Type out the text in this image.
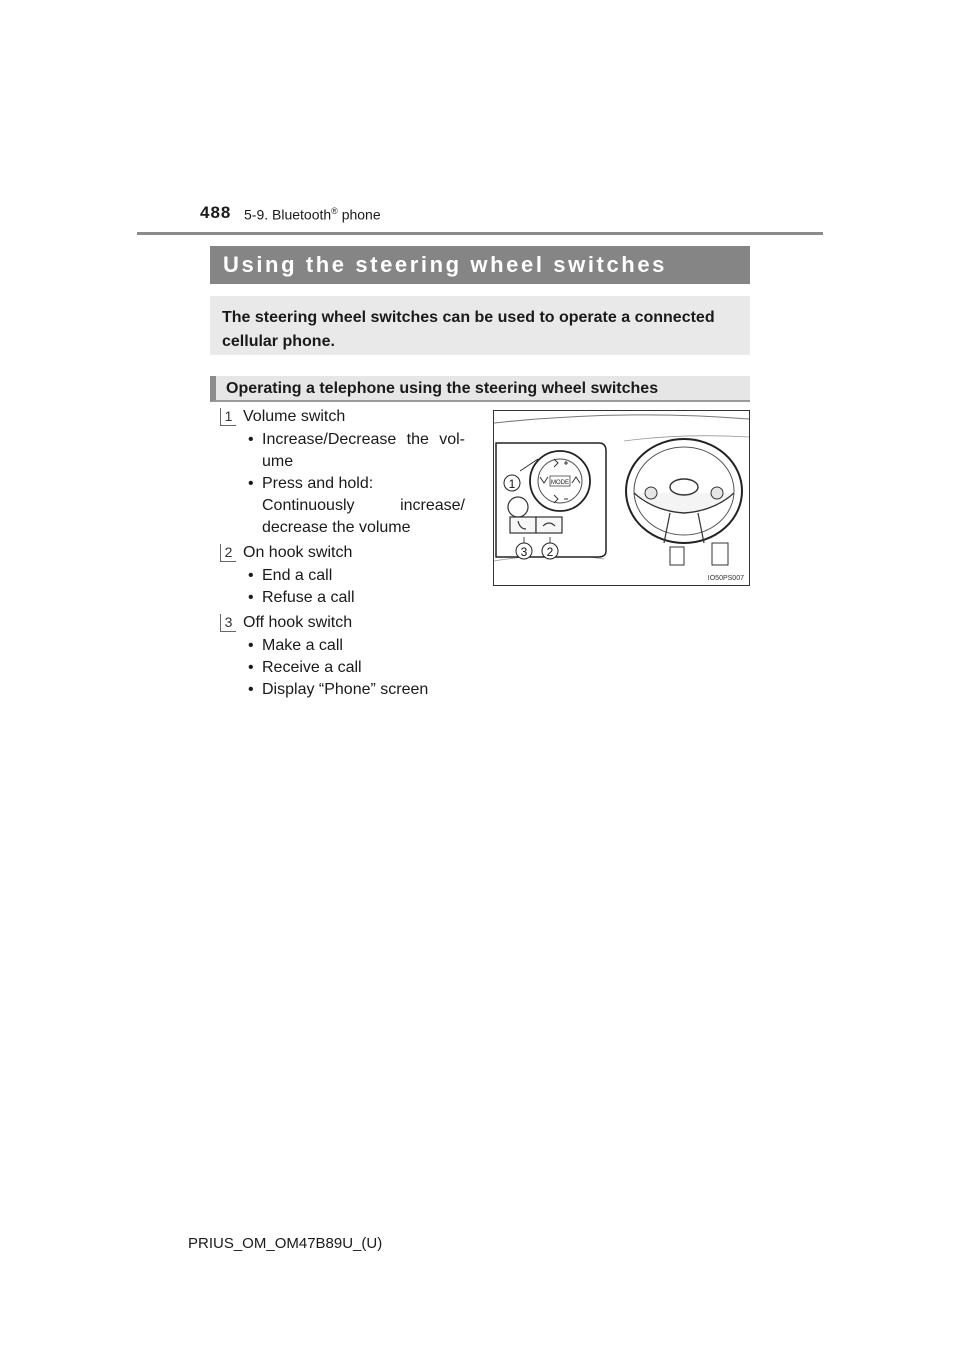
488 5-9. Bluetooth® phone
Using the steering wheel switches
The steering wheel switches can be used to operate a connected cellular phone.
Operating a telephone using the steering wheel switches
1 Volume switch
• Increase/Decrease the vol-
ume
• Press and hold:
Continuously increase/
decrease the volume
2 On hook switch
• End a call
• Refuse a call
3 Off hook switch
• Make a call
• Receive a call
• Display “Phone” screen
MODE
1
3 2
IO50PS007
PRIUS_OM_OM47B89U_(U)
